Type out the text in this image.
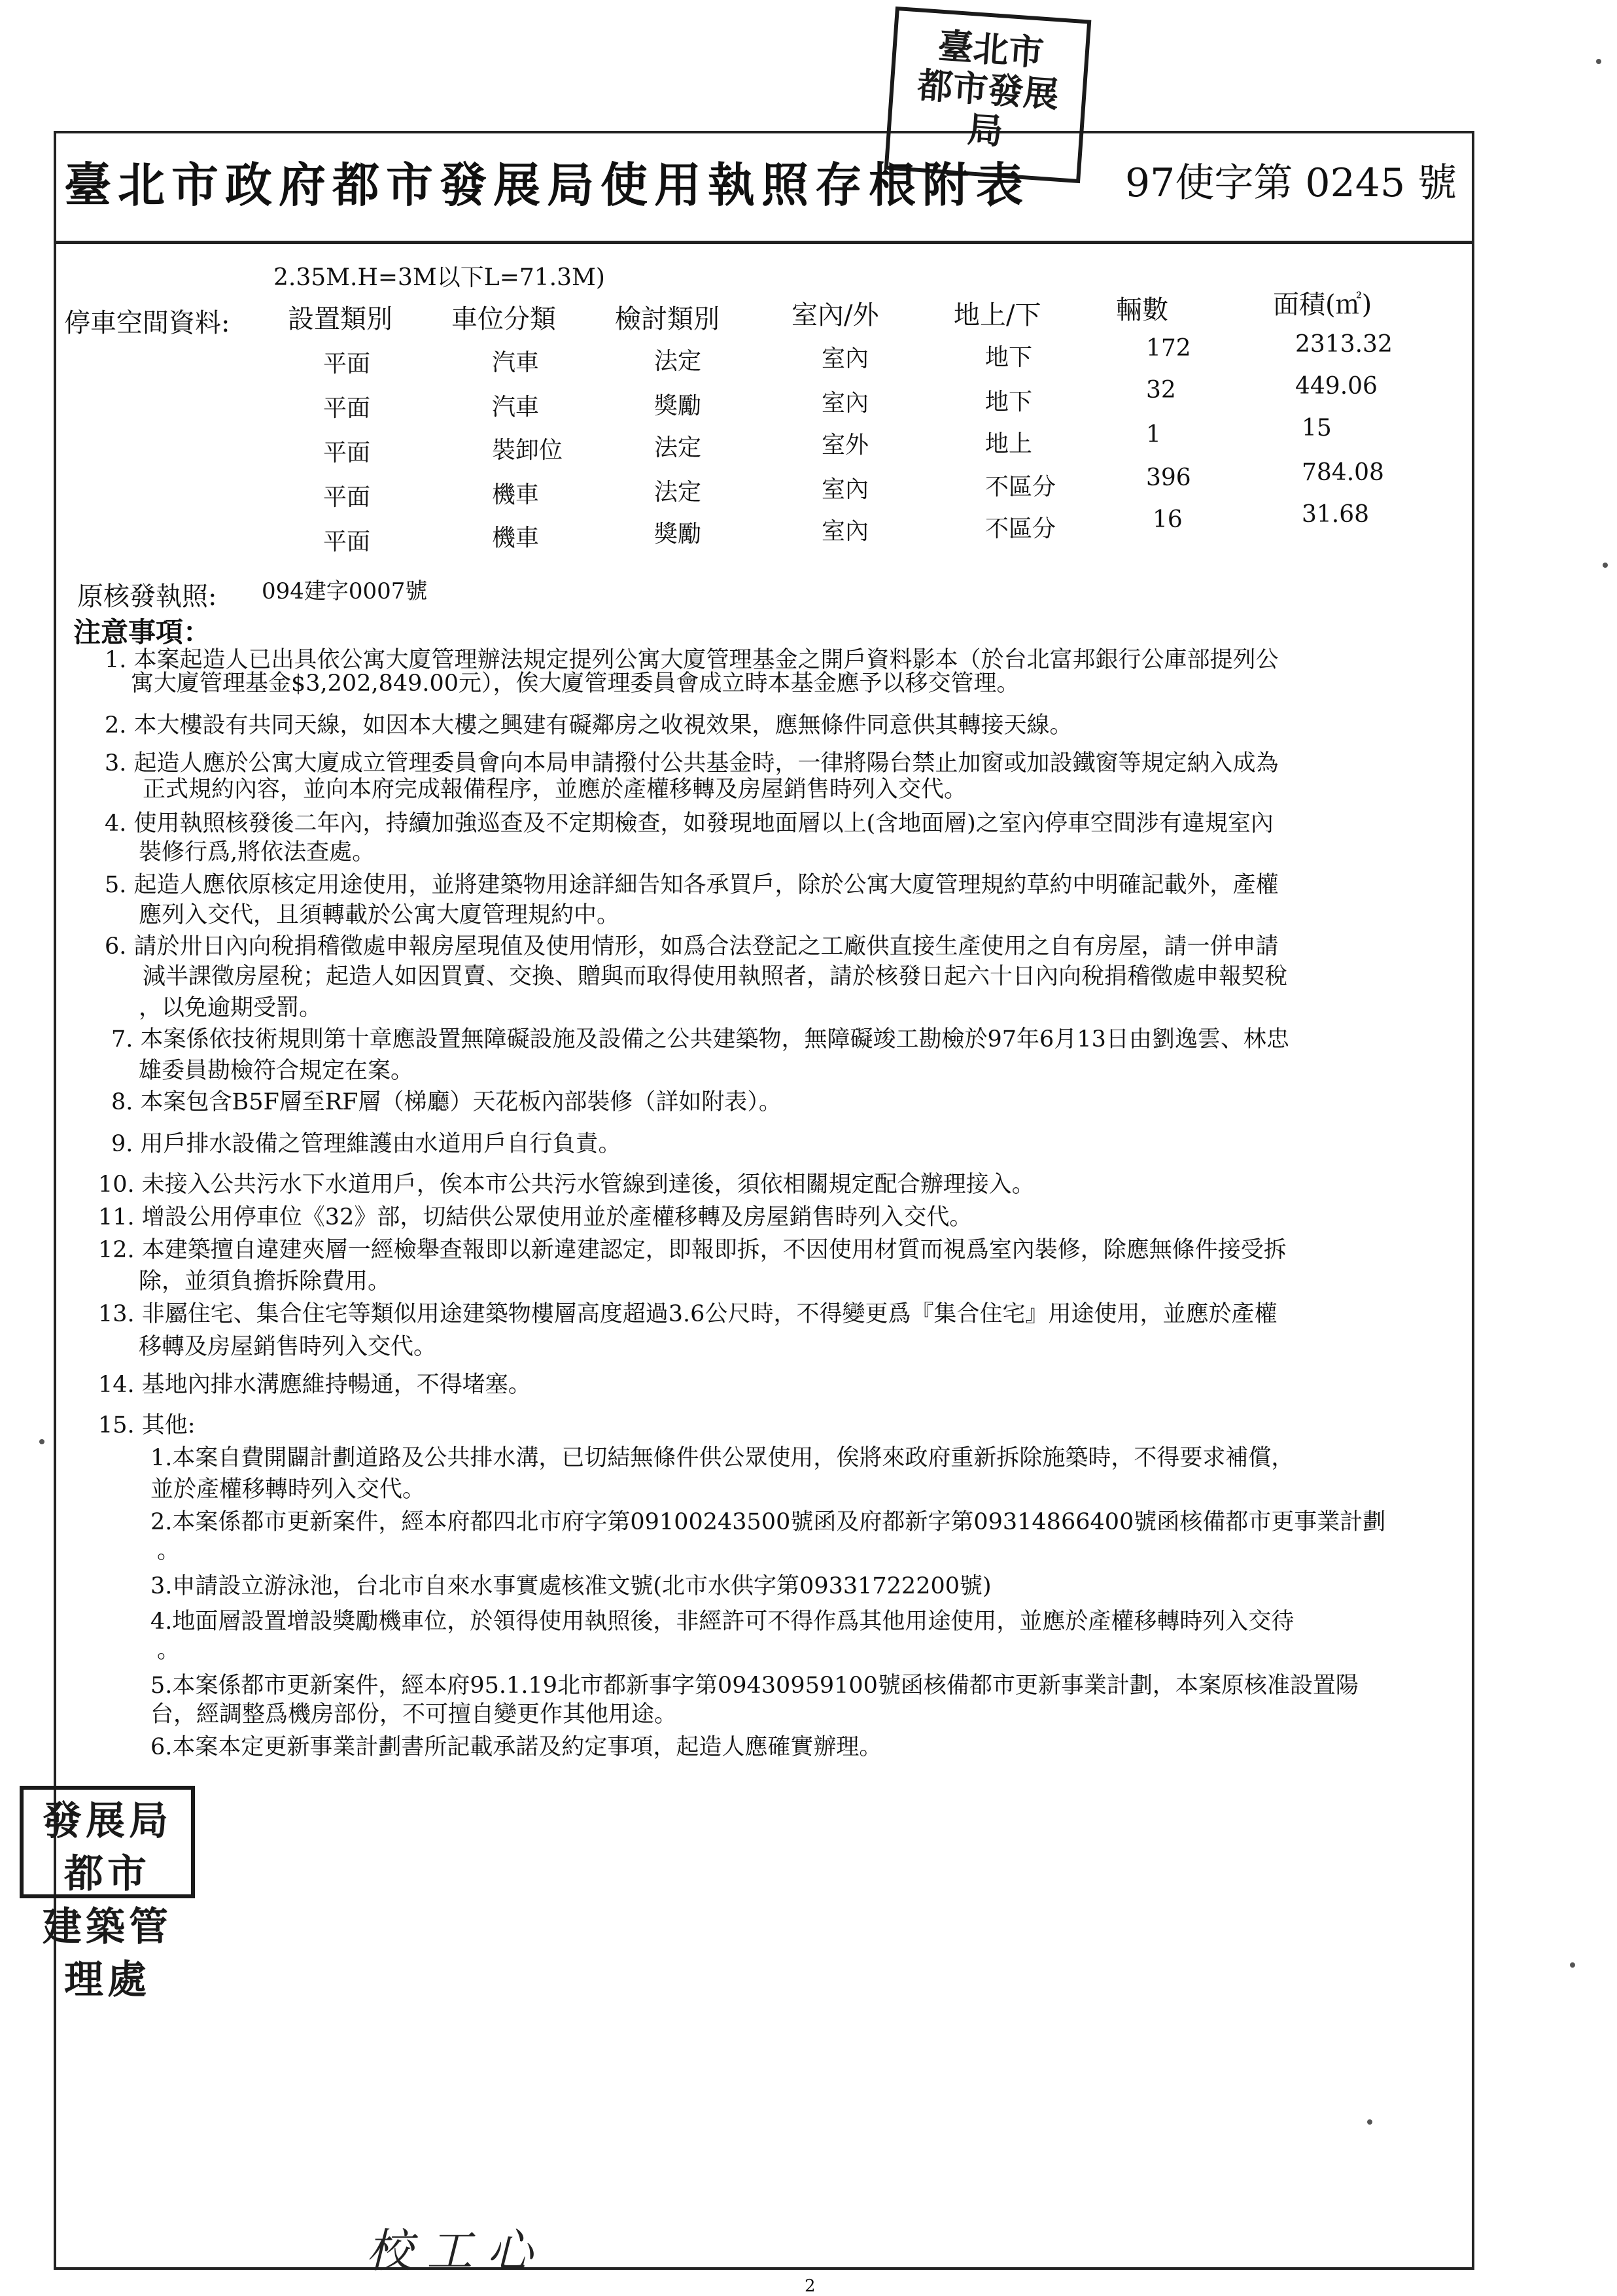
臺北市
都市發展
局
臺北市政府都市發展局使用執照存根附表 97使字第 0245 號
2.35M.H=3M以下L=71.3M)
停車空間資料: 設置類別 車位分類 檢討類別	室內/外	地上/下	輛數	面積(㎡)
平面	汽車	法定	室內	地下	172	2313.32
平面	汽車	獎勵	室內	地下	32	449.06
平面	裝卸位	法定	室外	地上	1	15
平面	機車	法定	室內	不區分	396	784.08
平面	機車	獎勵	室內	不區分	16	31.68
原核發執照: 094建字0007號
注意事項：
1. 本案起造人已出具依公寓大廈管理辦法規定提列公寓大廈管理基金之開戶資料影本（於台北富邦銀行公庫部提列公
寓大廈管理基金$3,202,849.00元），俟大廈管理委員會成立時本基金應予以移交管理。
2. 本大樓設有共同天線，如因本大樓之興建有礙鄰房之收視效果，應無條件同意供其轉接天線。
3. 起造人應於公寓大廈成立管理委員會向本局申請撥付公共基金時，一律將陽台禁止加窗或加設鐵窗等規定納入成為
正式規約內容，並向本府完成報備程序，並應於產權移轉及房屋銷售時列入交代。
4. 使用執照核發後二年內，持續加強巡查及不定期檢查，如發現地面層以上(含地面層)之室內停車空間涉有違規室內
裝修行爲,將依法查處。
5. 起造人應依原核定用途使用，並將建築物用途詳細告知各承買戶，除於公寓大廈管理規約草約中明確記載外，產權
應列入交代，且須轉載於公寓大廈管理規約中。
6. 請於卅日內向稅捐稽徵處申報房屋現值及使用情形，如爲合法登記之工廠供直接生產使用之自有房屋，請一併申請
減半課徵房屋稅；起造人如因買賣、交換、贈與而取得使用執照者，請於核發日起六十日內向稅捐稽徵處申報契稅
，以免逾期受罰。
7. 本案係依技術規則第十章應設置無障礙設施及設備之公共建築物，無障礙竣工勘檢於97年6月13日由劉逸雲、林忠
雄委員勘檢符合規定在案。
8. 本案包含B5F層至RF層（梯廳）天花板內部裝修（詳如附表）。
9. 用戶排水設備之管理維護由水道用戶自行負責。
10. 未接入公共污水下水道用戶，俟本市公共污水管線到達後，須依相關規定配合辦理接入。
11. 增設公用停車位《32》部，切結供公眾使用並於產權移轉及房屋銷售時列入交代。
12. 本建築擅自違建夾層一經檢舉查報即以新違建認定，即報即拆，不因使用材質而視爲室內裝修，除應無條件接受拆
除，並須負擔拆除費用。
13. 非屬住宅、集合住宅等類似用途建築物樓層高度超過3.6公尺時，不得變更爲『集合住宅』用途使用，並應於產權
移轉及房屋銷售時列入交代。
14. 基地內排水溝應維持暢通，不得堵塞。
15. 其他:
1.本案自費開闢計劃道路及公共排水溝，已切結無條件供公眾使用，俟將來政府重新拆除施築時，不得要求補償，
並於產權移轉時列入交代。
2.本案係都市更新案件，經本府都四北市府字第09100243500號函及府都新字第09314866400號函核備都市更事業計劃
。
3.申請設立游泳池，台北市自來水事實處核准文號(北市水供字第09331722200號)
4.地面層設置增設獎勵機車位，於領得使用執照後，非經許可不得作爲其他用途使用，並應於產權移轉時列入交待
。
5.本案係都市更新案件，經本府95.1.19北市都新事字第09430959100號函核備都市更新事業計劃，本案原核准設置陽
台，經調整爲機房部份，不可擅自變更作其他用途。
6.本案本定更新事業計劃書所記載承諾及約定事項，起造人應確實辦理。
發展局都市
建築管理處
校 工 心
2
